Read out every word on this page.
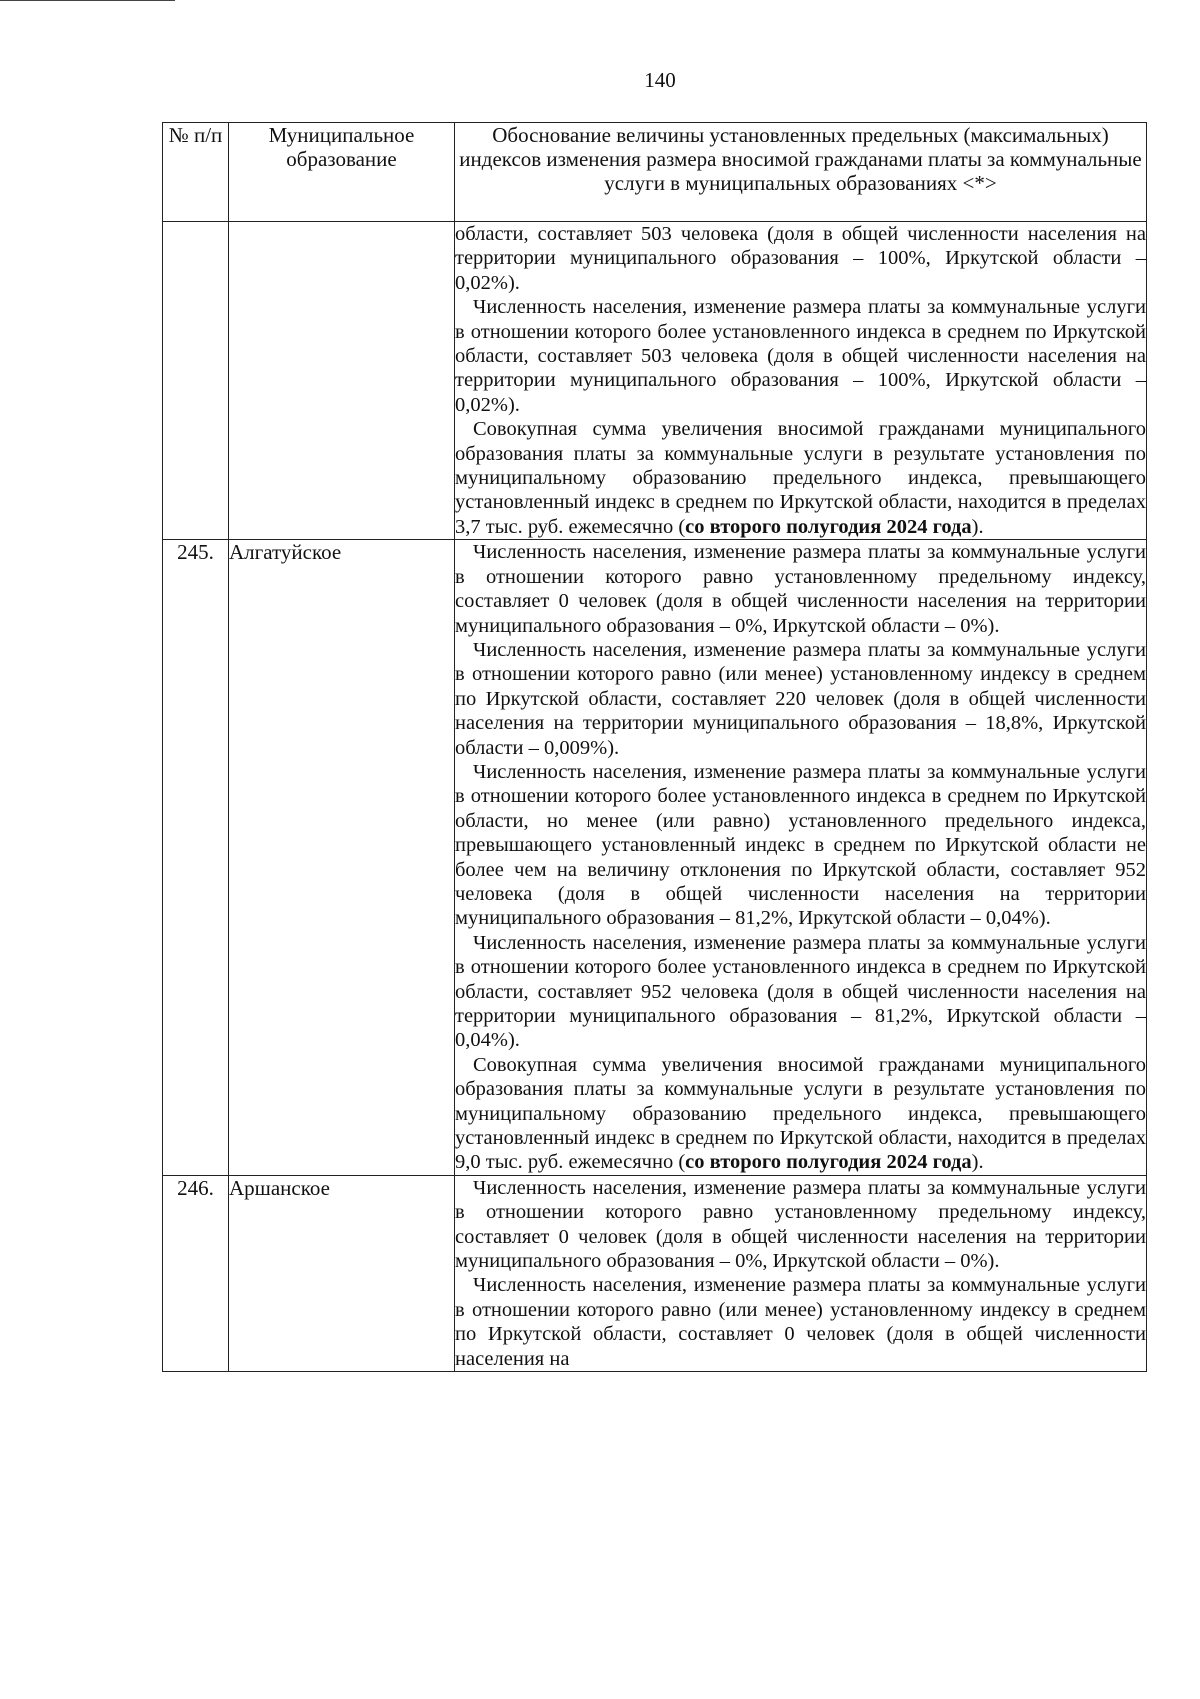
140
№ п/п	Муниципальное образование	Обоснование величины установленных предельных (максимальных) индексов изменения размера вносимой гражданами платы за коммунальные услуги в муниципальных образованиях <*>

		области, составляет 503 человека (доля в общей численности населения на территории муниципального образования – 100%, Иркутской области – 0,02%).

Численность населения, изменение размера платы за коммунальные услуги в отношении которого более установленного индекса в среднем по Иркутской области, составляет 503 человека (доля в общей численности населения на территории муниципального образования – 100%, Иркутской области – 0,02%).

Совокупная сумма увеличения вносимой гражданами муниципального образования платы за коммунальные услуги в результате установления по муниципальному образованию предельного индекса, превышающего установленный индекс в среднем по Иркутской области, находится в пределах 3,7 тыс. руб. ежемесячно (со второго полугодия 2024 года).

245.	Алгатуйское	Численность населения, изменение размера платы за коммунальные услуги в отношении которого равно установленному предельному индексу, составляет 0 человек (доля в общей численности населения на территории муниципального образования – 0%, Иркутской области – 0%).

Численность населения, изменение размера платы за коммунальные услуги в отношении которого равно (или менее) установленному индексу в среднем по Иркутской области, составляет 220 человек (доля в общей численности населения на территории муниципального образования – 18,8%, Иркутской области – 0,009%).

Численность населения, изменение размера платы за коммунальные услуги в отношении которого более установленного индекса в среднем по Иркутской области, но менее (или равно) установленного предельного индекса, превышающего установленный индекс в среднем по Иркутской области не более чем на величину отклонения по Иркутской области, составляет 952 человека (доля в общей численности населения на территории муниципального образования – 81,2%, Иркутской области – 0,04%).

Численность населения, изменение размера платы за коммунальные услуги в отношении которого более установленного индекса в среднем по Иркутской области, составляет 952 человека (доля в общей численности населения на территории муниципального образования – 81,2%, Иркутской области – 0,04%).

Совокупная сумма увеличения вносимой гражданами муниципального образования платы за коммунальные услуги в результате установления по муниципальному образованию предельного индекса, превышающего установленный индекс в среднем по Иркутской области, находится в пределах 9,0 тыс. руб. ежемесячно (со второго полугодия 2024 года).

246.	Аршанское	Численность населения, изменение размера платы за коммунальные услуги в отношении которого равно установленному предельному индексу, составляет 0 человек (доля в общей численности населения на территории муниципального образования – 0%, Иркутской области – 0%).

Численность населения, изменение размера платы за коммунальные услуги в отношении которого равно (или менее) установленному индексу в среднем по Иркутской области, составляет 0 человек (доля в общей численности населения на
